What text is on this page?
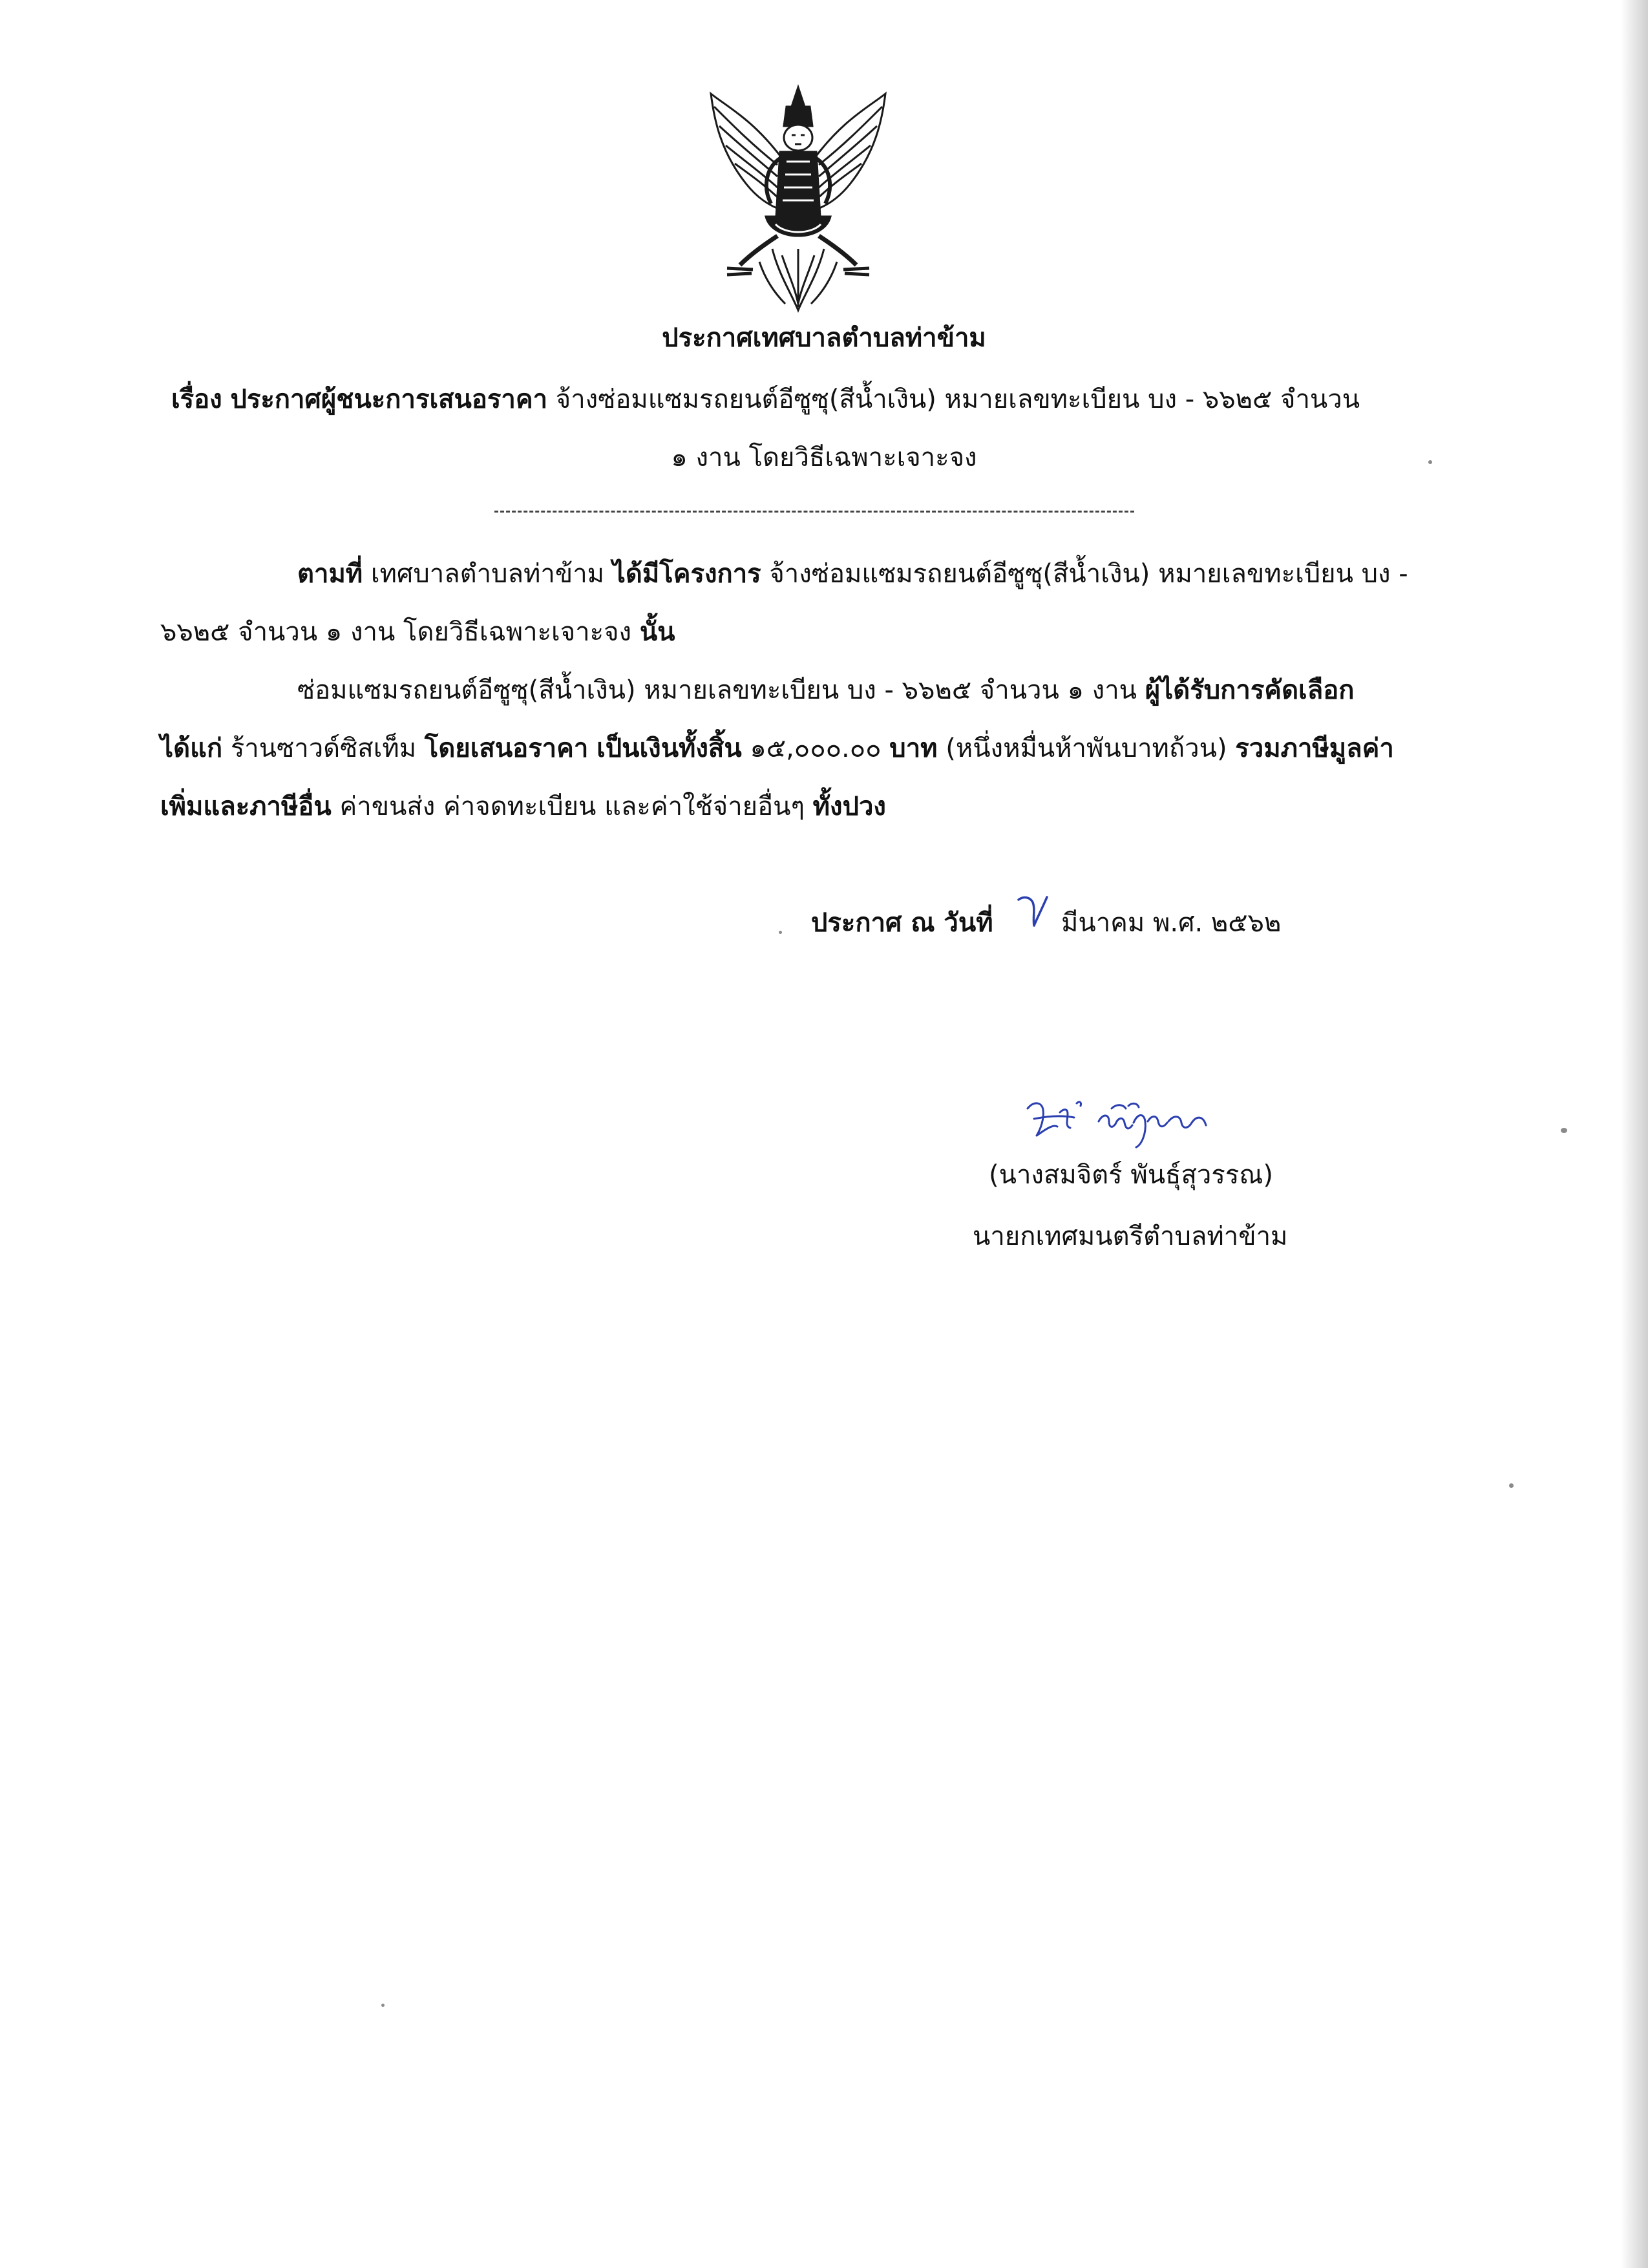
ประกาศเทศบาลตำบลท่าข้าม
เรื่อง ประกาศผู้ชนะการเสนอราคา จ้างซ่อมแซมรถยนต์อีซูซุ(สีน้ำเงิน) หมายเลขทะเบียน บง - ๖๖๒๕ จำนวน
๑ งาน โดยวิธีเฉพาะเจาะจง
ตามที่ เทศบาลตำบลท่าข้าม ได้มีโครงการ จ้างซ่อมแซมรถยนต์อีซูซุ(สีน้ำเงิน) หมายเลขทะเบียน บง -
๖๖๒๕ จำนวน ๑ งาน โดยวิธีเฉพาะเจาะจง นั้น
ซ่อมแซมรถยนต์อีซูซุ(สีน้ำเงิน) หมายเลขทะเบียน บง - ๖๖๒๕ จำนวน ๑ งาน ผู้ได้รับการคัดเลือก
ได้แก่ ร้านซาวด์ซิสเท็ม โดยเสนอราคา เป็นเงินทั้งสิ้น ๑๕,๐๐๐.๐๐ บาท (หนึ่งหมื่นห้าพันบาทถ้วน) รวมภาษีมูลค่า
เพิ่มและภาษีอื่น ค่าขนส่ง ค่าจดทะเบียน และค่าใช้จ่ายอื่นๆ ทั้งปวง
ประกาศ ณ วันที่	มีนาคม พ.ศ. ๒๕๖๒
(นางสมจิตร์ พันธุ์สุวรรณ)
นายกเทศมนตรีตำบลท่าข้าม
